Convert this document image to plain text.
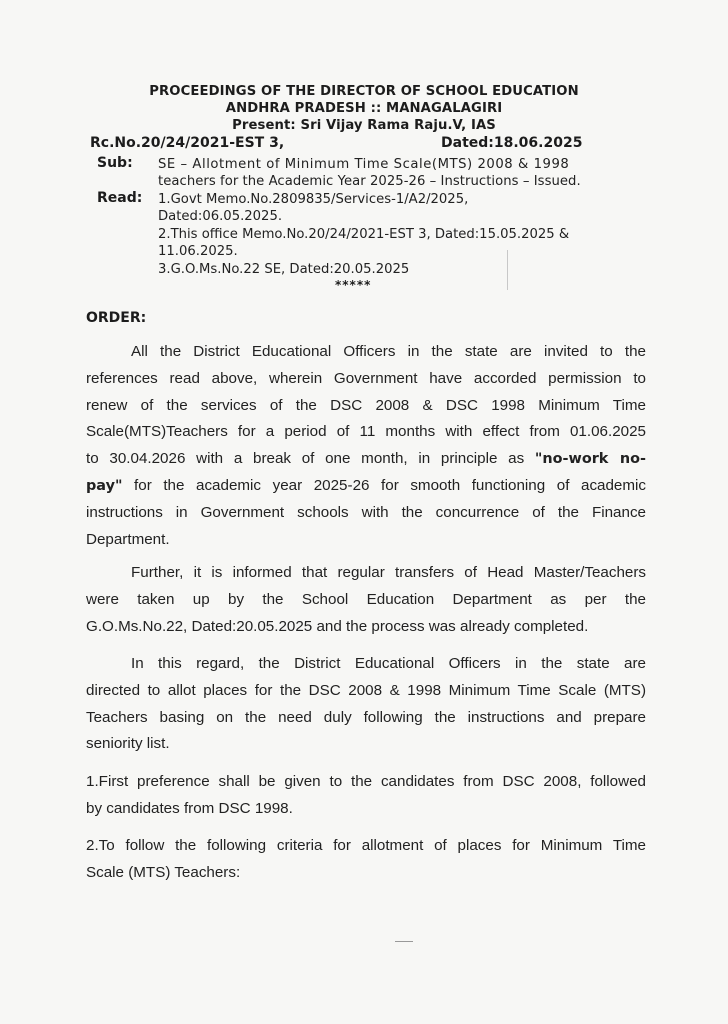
PROCEEDINGS OF THE DIRECTOR OF SCHOOL EDUCATION
ANDHRA PRADESH :: MANAGALAGIRI
Present: Sri Vijay Rama Raju.V, IAS
Rc.No.20/24/2021-EST 3,	Dated:18.06.2025
Sub: SE – Allotment of Minimum Time Scale(MTS) 2008 & 1998
teachers for the Academic Year 2025-26 – Instructions – Issued.
Read: 1.Govt Memo.No.2809835/Services-1/A2/2025,
Dated:06.05.2025.
2.This office Memo.No.20/24/2021-EST 3, Dated:15.05.2025 &
11.06.2025.
3.G.O.Ms.No.22 SE, Dated:20.05.2025
*****
ORDER:
All the District Educational Officers in the state are invited to the
references read above, wherein Government have accorded permission to
renew of the services of the DSC 2008 & DSC 1998 Minimum Time
Scale(MTS)Teachers for a period of 11 months with effect from 01.06.2025
to 30.04.2026 with a break of one month, in principle as "no-work no-
pay" for the academic year 2025-26 for smooth functioning of academic
instructions in Government schools with the concurrence of the Finance
Department.
Further, it is informed that regular transfers of Head Master/Teachers
were taken up by the School Education Department as per the
G.O.Ms.No.22, Dated:20.05.2025 and the process was already completed.
In this regard, the District Educational Officers in the state are
directed to allot places for the DSC 2008 & 1998 Minimum Time Scale (MTS)
Teachers basing on the need duly following the instructions and prepare
seniority list.
1.First preference shall be given to the candidates from DSC 2008, followed
by candidates from DSC 1998.
2.To follow the following criteria for allotment of places for Minimum Time
Scale (MTS) Teachers:
